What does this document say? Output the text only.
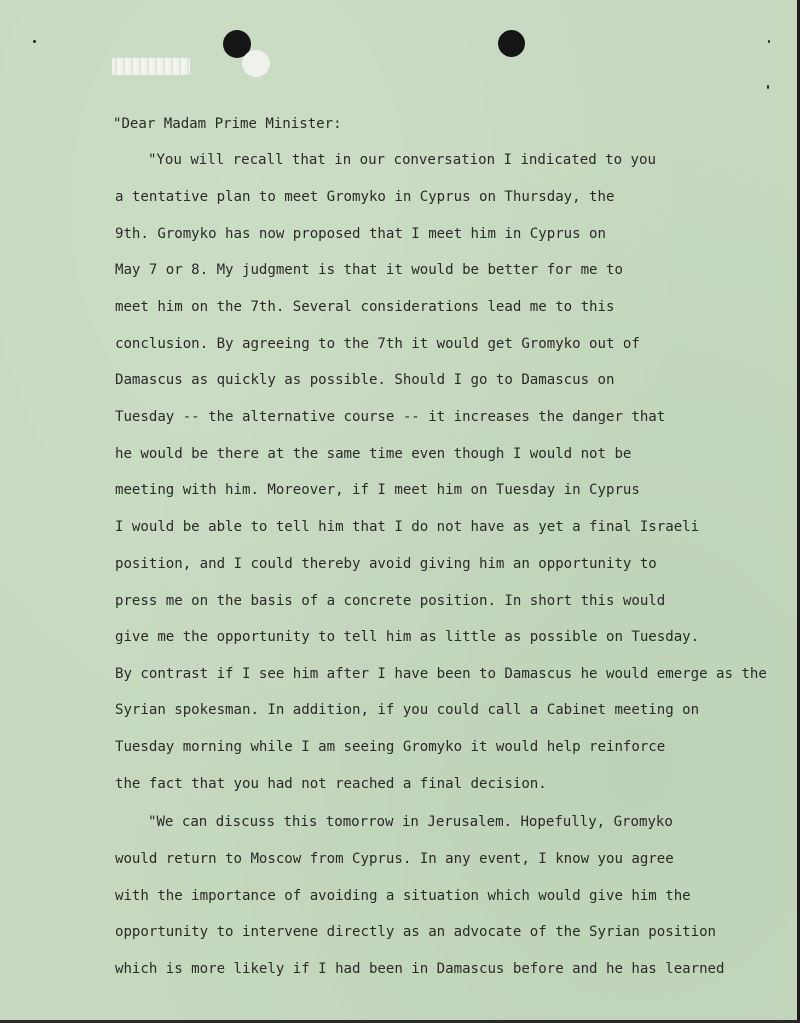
"Dear Madam Prime Minister:

"You will recall that in our conversation I indicated to you

a tentative plan to meet Gromyko in Cyprus on Thursday, the

9th. Gromyko has now proposed that I meet him in Cyprus on

May 7 or 8. My judgment is that it would be better for me to

meet him on the 7th. Several considerations lead me to this

conclusion. By agreeing to the 7th it would get Gromyko out of

Damascus as quickly as possible. Should I go to Damascus on

Tuesday -- the alternative course -- it increases the danger that

he would be there at the same time even though I would not be

meeting with him. Moreover, if I meet him on Tuesday in Cyprus

I would be able to tell him that I do not have as yet a final Israeli

position, and I could thereby avoid giving him an opportunity to

press me on the basis of a concrete position. In short this would

give me the opportunity to tell him as little as possible on Tuesday.

By contrast if I see him after I have been to Damascus he would emerge as the

Syrian spokesman. In addition, if you could call a Cabinet meeting on

Tuesday morning while I am seeing Gromyko it would help reinforce

the fact that you had not reached a final decision.

"We can discuss this tomorrow in Jerusalem. Hopefully, Gromyko

would return to Moscow from Cyprus. In any event, I know you agree

with the importance of avoiding a situation which would give him the

opportunity to intervene directly as an advocate of the Syrian position

which is more likely if I had been in Damascus before and he has learned
